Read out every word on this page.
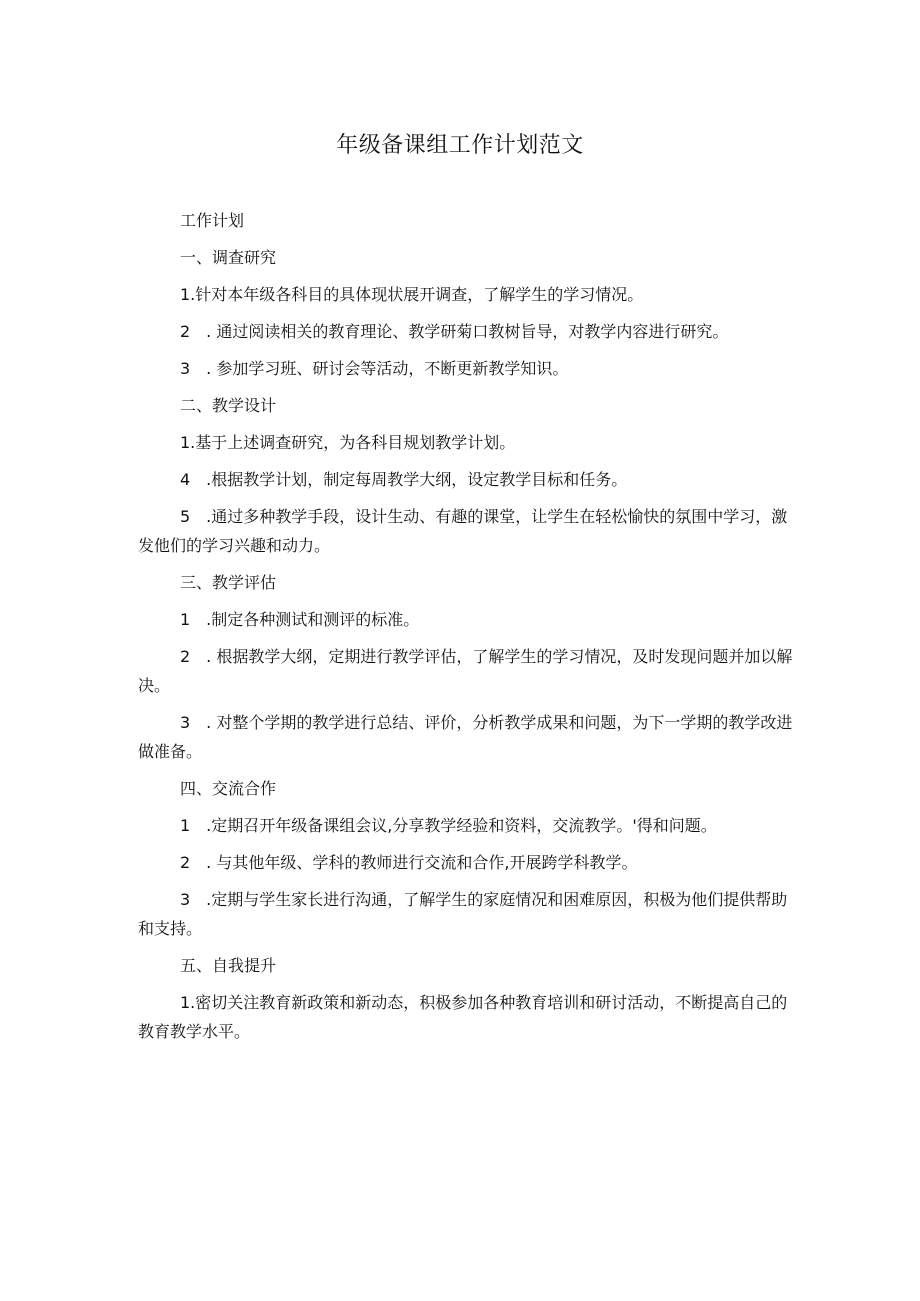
年级备课组工作计划范文

工作计划

一、调查研究

1.针对本年级各科目的具体现状展开调查，了解学生的学习情况。

2　. 通过阅读相关的教育理论、教学研菊口教树旨导，对教学内容进行研究。

3　. 参加学习班、研讨会等活动，不断更新教学知识。

二、教学设计

1.基于上述调查研究，为各科目规划教学计划。

4　.根据教学计划，制定每周教学大纲，设定教学目标和任务。

5　.通过多种教学手段，设计生动、有趣的课堂，让学生在轻松愉快的氛围中学习，激发他们的学习兴趣和动力。

三、教学评估

1　.制定各种测试和测评的标准。

2　. 根据教学大纲，定期进行教学评估，了解学生的学习情况，及时发现问题并加以解决。

3　. 对整个学期的教学进行总结、评价，分析教学成果和问题，为下一学期的教学改进做准备。

四、交流合作

1　.定期召开年级备课组会议,分享教学经验和资料，交流教学。'得和问题。

2　. 与其他年级、学科的教师进行交流和合作,开展跨学科教学。

3　.定期与学生家长进行沟通，了解学生的家庭情况和困难原因，积极为他们提供帮助和支持。

五、自我提升

1.密切关注教育新政策和新动态，积极参加各种教育培训和研讨活动，不断提高自己的教育教学水平。
